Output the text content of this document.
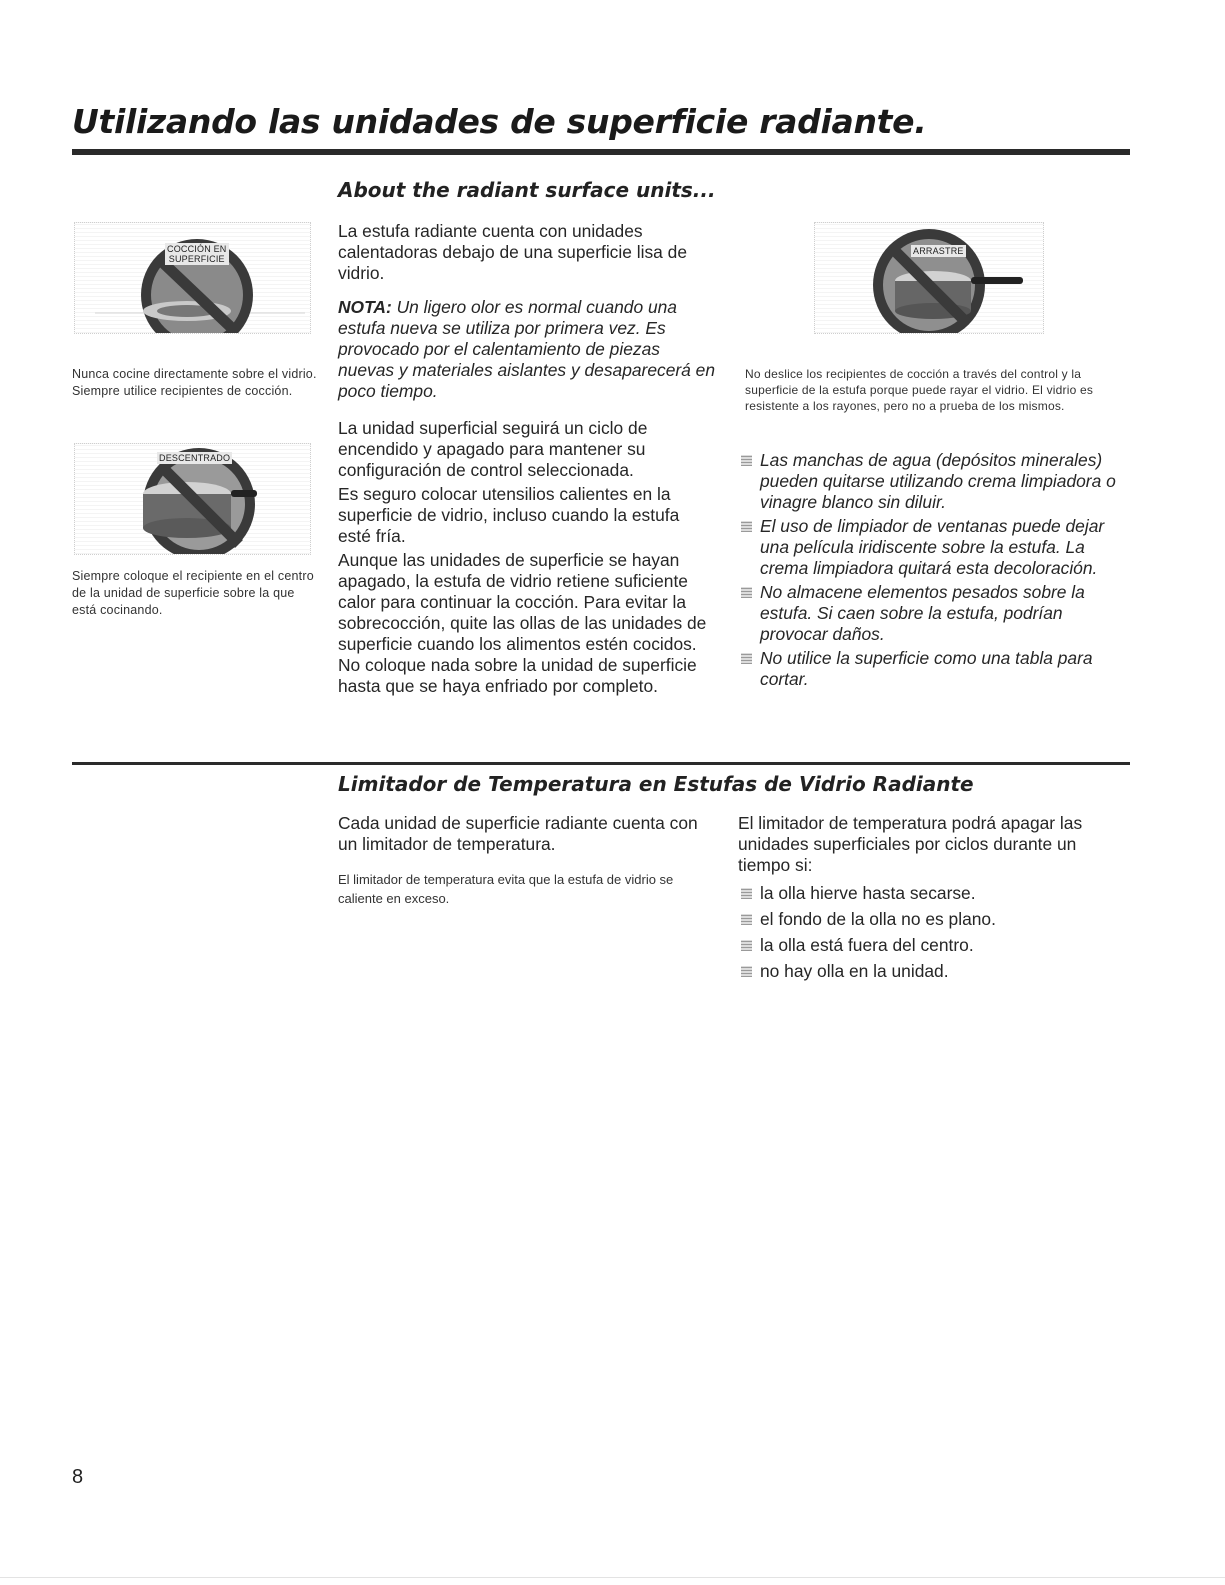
Utilizando las unidades de superficie radiante.
About the radiant surface units...
COCCIÓN EN
SUPERFICIE

Nunca cocine directamente sobre el vidrio. Siempre utilice recipientes de cocción.

DESCENTRADO

Siempre coloque el recipiente en el centro de la unidad de superficie sobre la que está cocinando.

La estufa radiante cuenta con unidades calentadoras debajo de una superficie lisa de vidrio.

NOTA: Un ligero olor es normal cuando una estufa nueva se utiliza por primera vez. Es provocado por el calentamiento de piezas nuevas y materiales aislantes y desaparecerá en poco tiempo.

La unidad superficial seguirá un ciclo de encendido y apagado para mantener su configuración de control seleccionada.

Es seguro colocar utensilios calientes en la superficie de vidrio, incluso cuando la estufa esté fría.

Aunque las unidades de superficie se hayan apagado, la estufa de vidrio retiene suficiente calor para continuar la cocción. Para evitar la sobrecocción, quite las ollas de las unidades de superficie cuando los alimentos estén cocidos. No coloque nada sobre la unidad de superficie hasta que se haya enfriado por completo.

ARRASTRE

No deslice los recipientes de cocción a través del control y la superficie de la estufa porque puede rayar el vidrio. El vidrio es resistente a los rayones, pero no a prueba de los mismos.

Las manchas de agua (depósitos minerales) pueden quitarse utilizando crema limpiadora o vinagre blanco sin diluir.
El uso de limpiador de ventanas puede dejar una película iridiscente sobre la estufa. La crema limpiadora quitará esta decoloración.
No almacene elementos pesados sobre la estufa. Si caen sobre la estufa, podrían provocar daños.
No utilice la superficie como una tabla para cortar.
Limitador de Temperatura en Estufas de Vidrio Radiante

Cada unidad de superficie radiante cuenta con un limitador de temperatura.

El limitador de temperatura evita que la estufa de vidrio se caliente en exceso.

El limitador de temperatura podrá apagar las unidades superficiales por ciclos durante un tiempo si:

la olla hierve hasta secarse.
el fondo de la olla no es plano.
la olla está fuera del centro.
no hay olla en la unidad.
8
